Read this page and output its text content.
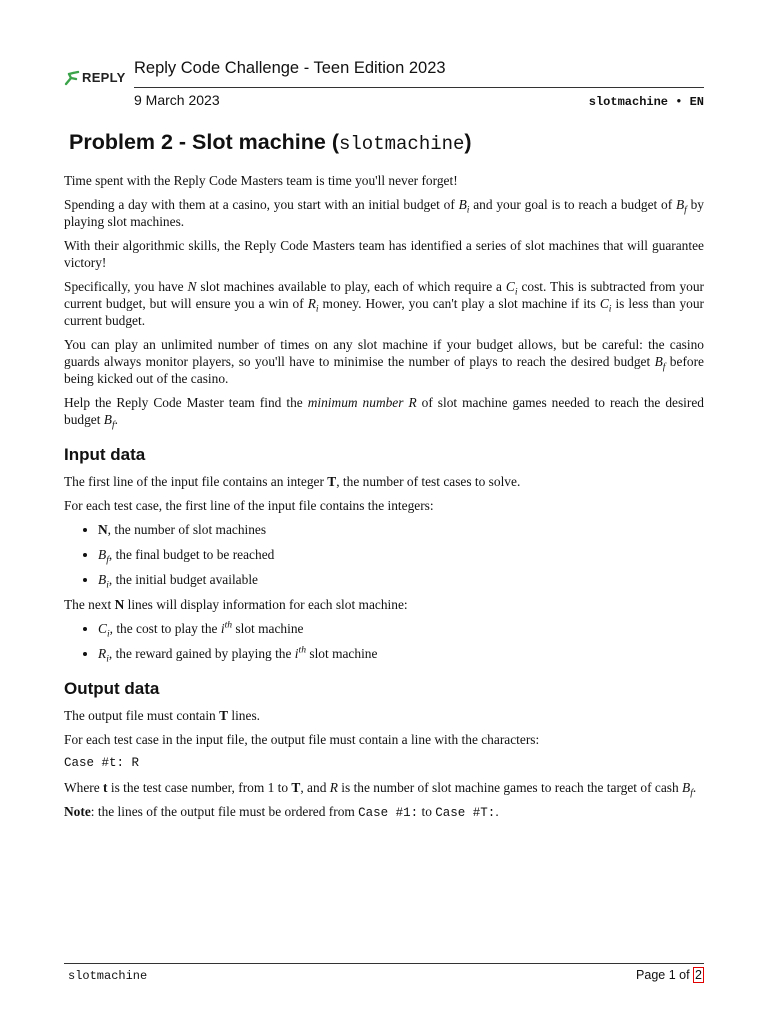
REPLY
Reply Code Challenge - Teen Edition 2023
9 March 2023	slotmachine • EN
Problem 2 - Slot machine (slotmachine)

Time spent with the Reply Code Masters team is time you'll never forget!

Spending a day with them at a casino, you start with an initial budget of $B_i$ and your goal is to reach a budget of $B_f$ by playing slot machines.

With their algorithmic skills, the Reply Code Masters team has identified a series of slot machines that will guarantee victory!

Specifically, you have N slot machines available to play, each of which require a $C_i$ cost. This is subtracted from your current budget, but will ensure you a win of $R_i$ money. Hower, you can't play a slot machine if its $C_i$ is less than your current budget.

You can play an unlimited number of times on any slot machine if your budget allows, but be careful: the casino guards always monitor players, so you'll have to minimise the number of plays to reach the desired budget $B_f$ before being kicked out of the casino.

Help the Reply Code Master team find the minimum number R of slot machine games needed to reach the desired budget $B_f$.

Input data

The first line of the input file contains an integer T, the number of test cases to solve.

For each test case, the first line of the input file contains the integers:

• N, the number of slot machines
• $B_f$, the final budget to be reached
• $B_i$, the initial budget available

The next N lines will display information for each slot machine:

• $C_i$, the cost to play the $i^{th}$ slot machine
• $R_i$, the reward gained by playing the $i^{th}$ slot machine
Output data

The output file must contain T lines.

For each test case in the input file, the output file must contain a line with the characters:

Case #t: R

Where t is the test case number, from 1 to T, and R is the number of slot machine games to reach the target of cash $B_f$.

Note: the lines of the output file must be ordered from Case #1: to Case #T:.

slotmachine	Page 1 of 2
